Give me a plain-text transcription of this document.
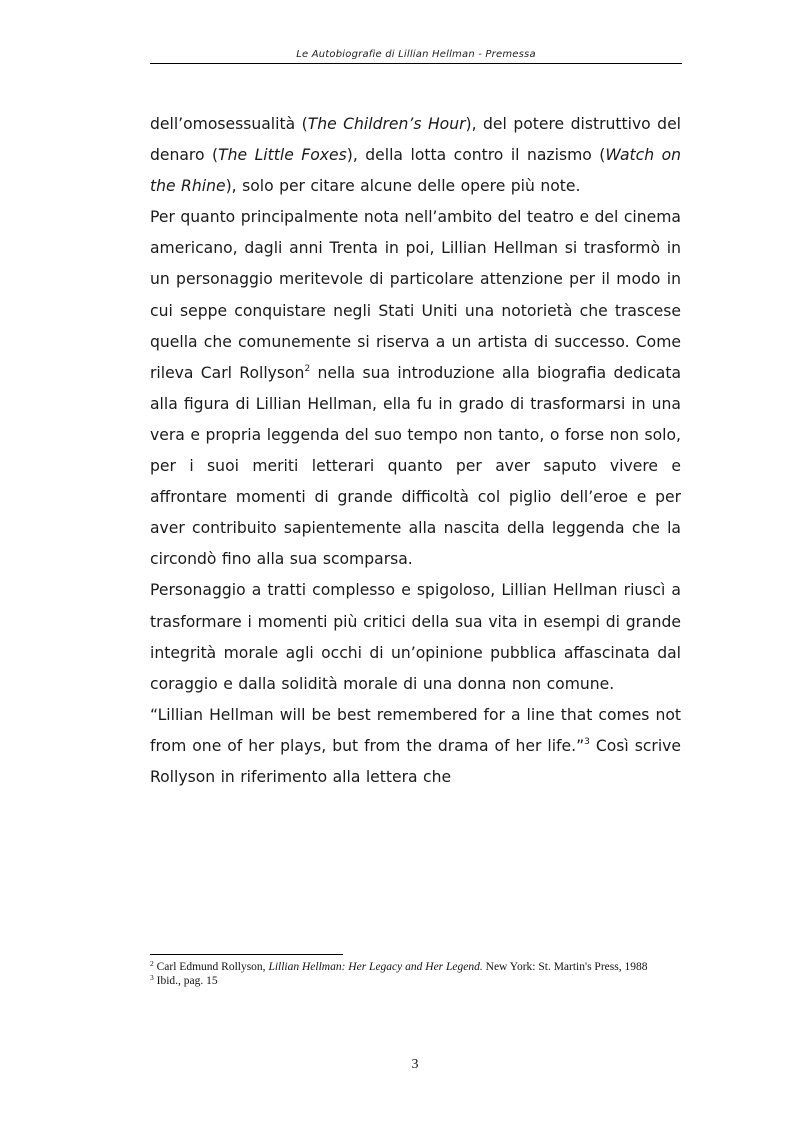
Le Autobiografie di Lillian Hellman - Premessa

dell’omosessualità (The Children’s Hour), del potere distruttivo del denaro (The Little Foxes), della lotta contro il nazismo (Watch on the Rhine), solo per citare alcune delle opere più note.

Per quanto principalmente nota nell’ambito del teatro e del cinema americano, dagli anni Trenta in poi, Lillian Hellman si trasformò in un personaggio meritevole di particolare attenzione per il modo in cui seppe conquistare negli Stati Uniti una notorietà che trascese quella che comunemente si riserva a un artista di successo. Come rileva Carl Rollyson$^2$ nella sua introduzione alla biografia dedicata alla figura di Lillian Hellman, ella fu in grado di trasformarsi in una vera e propria leggenda del suo tempo non tanto, o forse non solo, per i suoi meriti letterari quanto per aver saputo vivere e affrontare momenti di grande difficoltà col piglio dell’eroe e per aver contribuito sapientemente alla nascita della leggenda che la circondò fino alla sua scomparsa.

Personaggio a tratti complesso e spigoloso, Lillian Hellman riuscì a trasformare i momenti più critici della sua vita in esempi di grande integrità morale agli occhi di un’opinione pubblica affascinata dal coraggio e dalla solidità morale di una donna non comune.

“Lillian Hellman will be best remembered for a line that comes not from one of her plays, but from the drama of her life.”$^3$ Così scrive Rollyson in riferimento alla lettera che

$^2$ Carl Edmund Rollyson, Lillian Hellman: Her Legacy and Her Legend. New York: St. Martin's Press, 1988

$^3$ Ibid., pag. 15

3
